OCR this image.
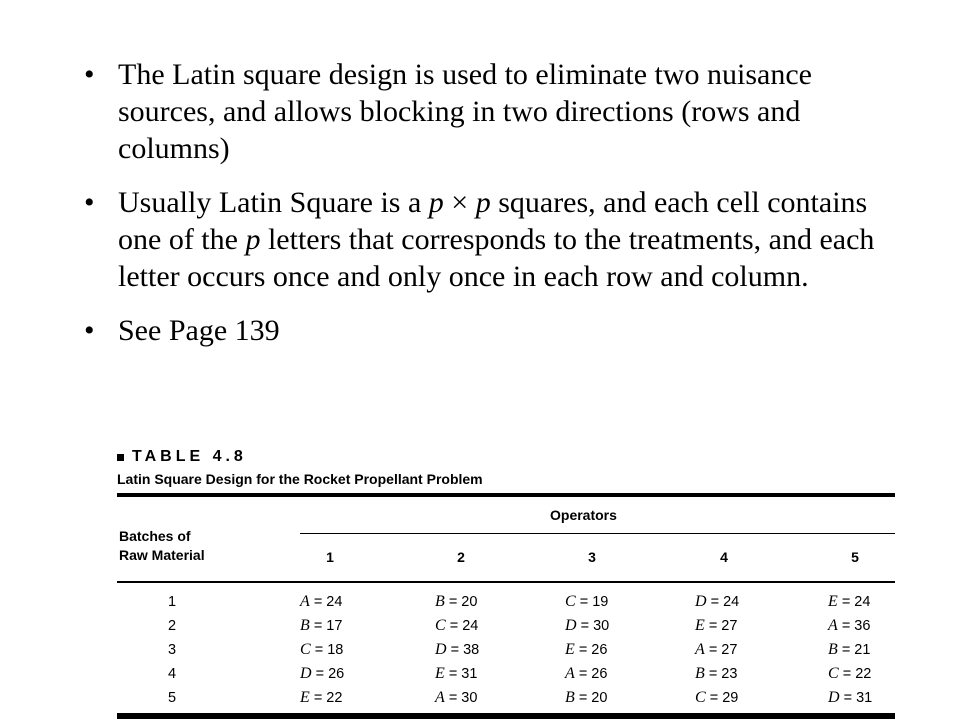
• The Latin square design is used to eliminate two nuisance sources, and allows blocking in two directions (rows and columns)
• Usually Latin Square is a p × p squares, and each cell contains one of the p letters that corresponds to the treatments, and each letter occurs once and only once in each row and column.
• See Page 139
TABLE 4.8
Latin Square Design for the Rocket Propellant Problem
Batches of
Raw Material
Operators
1	2	3	4	5
1	A = 24	B = 20	C = 19	D = 24	E = 24
2	B = 17	C = 24	D = 30	E = 27	A = 36
3	C = 18	D = 38	E = 26	A = 27	B = 21
4	D = 26	E = 31	A = 26	B = 23	C = 22
5	E = 22	A = 30	B = 20	C = 29	D = 31
